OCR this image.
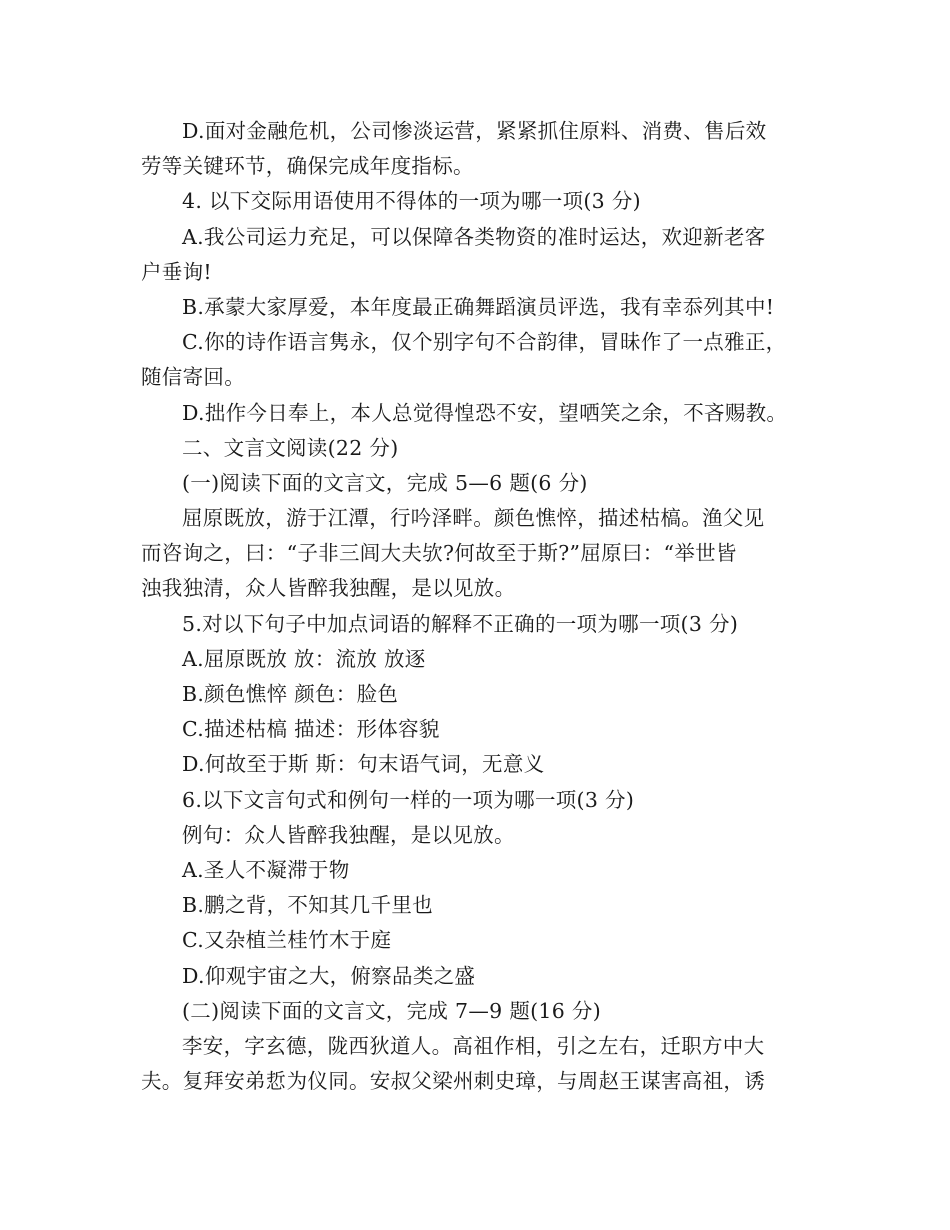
D.面对金融危机，公司惨淡运营，紧紧抓住原料、消费、售后效
劳等关键环节，确保完成年度指标。
4. 以下交际用语使用不得体的一项为哪一项(3 分)
A.我公司运力充足，可以保障各类物资的准时运达，欢迎新老客
户垂询!
B.承蒙大家厚爱，本年度最正确舞蹈演员评选，我有幸忝列其中!
C.你的诗作语言隽永，仅个别字句不合韵律，冒昧作了一点雅正，
随信寄回。
D.拙作今日奉上，本人总觉得惶恐不安，望哂笑之余，不吝赐教。
二、文言文阅读(22 分)
(一)阅读下面的文言文，完成 5—6 题(6 分)
屈原既放，游于江潭，行吟泽畔。颜色憔悴，描述枯槁。渔父见
而咨询之，曰：“子非三闾大夫欤?何故至于斯?”屈原曰：“举世皆
浊我独清，众人皆醉我独醒，是以见放。
5.对以下句子中加点词语的解释不正确的一项为哪一项(3 分)
A.屈原既放 放：流放 放逐
B.颜色憔悴 颜色：脸色
C.描述枯槁 描述：形体容貌
D.何故至于斯 斯：句末语气词，无意义
6.以下文言句式和例句一样的一项为哪一项(3 分)
例句：众人皆醉我独醒，是以见放。
A.圣人不凝滞于物
B.鹏之背，不知其几千里也
C.又杂植兰桂竹木于庭
D.仰观宇宙之大，俯察品类之盛
(二)阅读下面的文言文，完成 7—9 题(16 分)
李安，字玄德，陇西狄道人。高祖作相，引之左右，迁职方中大
夫。复拜安弟悊为仪同。安叔父梁州刺史璋，与周赵王谋害高祖，诱
